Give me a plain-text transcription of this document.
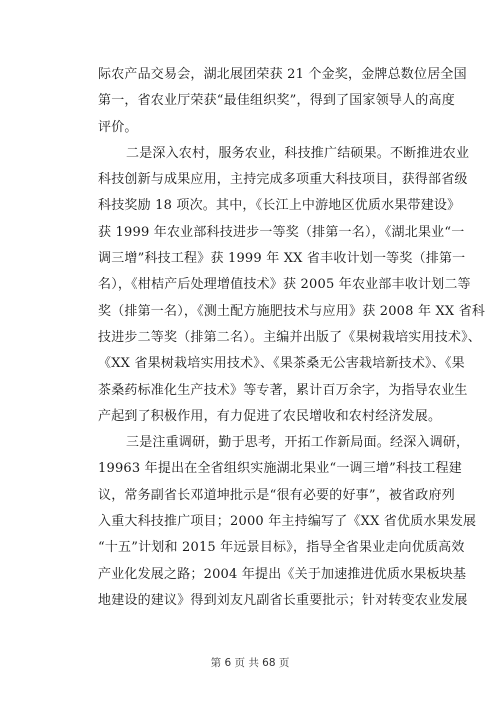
际农产品交易会，湖北展团荣获 21 个金奖，金牌总数位居全国
第一，省农业厅荣获“最佳组织奖”，得到了国家领导人的高度
评价。
二是深入农村，服务农业，科技推广结硕果。不断推进农业
科技创新与成果应用，主持完成多项重大科技项目，获得部省级
科技奖励 18 项次。其中，《长江上中游地区优质水果带建设》
获 1999 年农业部科技进步一等奖（排第一名），《湖北果业“一
调三增”科技工程》获 1999 年 XX 省丰收计划一等奖（排第一
名），《柑桔产后处理增值技术》获 2005 年农业部丰收计划二等
奖（排第一名），《测土配方施肥技术与应用》获 2008 年 XX 省科
技进步二等奖（排第二名）。主编并出版了《果树栽培实用技术》、
《XX 省果树栽培实用技术》、《果茶桑无公害栽培新技术》、《果
茶桑药标准化生产技术》等专著，累计百万余字，为指导农业生
产起到了积极作用，有力促进了农民增收和农村经济发展。
三是注重调研，勤于思考，开拓工作新局面。经深入调研，
19963 年提出在全省组织实施湖北果业“一调三增”科技工程建
议，常务副省长邓道坤批示是“很有必要的好事”，被省政府列
入重大科技推广项目；2000 年主持编写了《XX 省优质水果发展
“十五”计划和 2015 年远景目标》，指导全省果业走向优质高效
产业化发展之路；2004 年提出《关于加速推进优质水果板块基
地建设的建议》得到刘友凡副省长重要批示；针对转变农业发展
第 6 页 共 68 页
